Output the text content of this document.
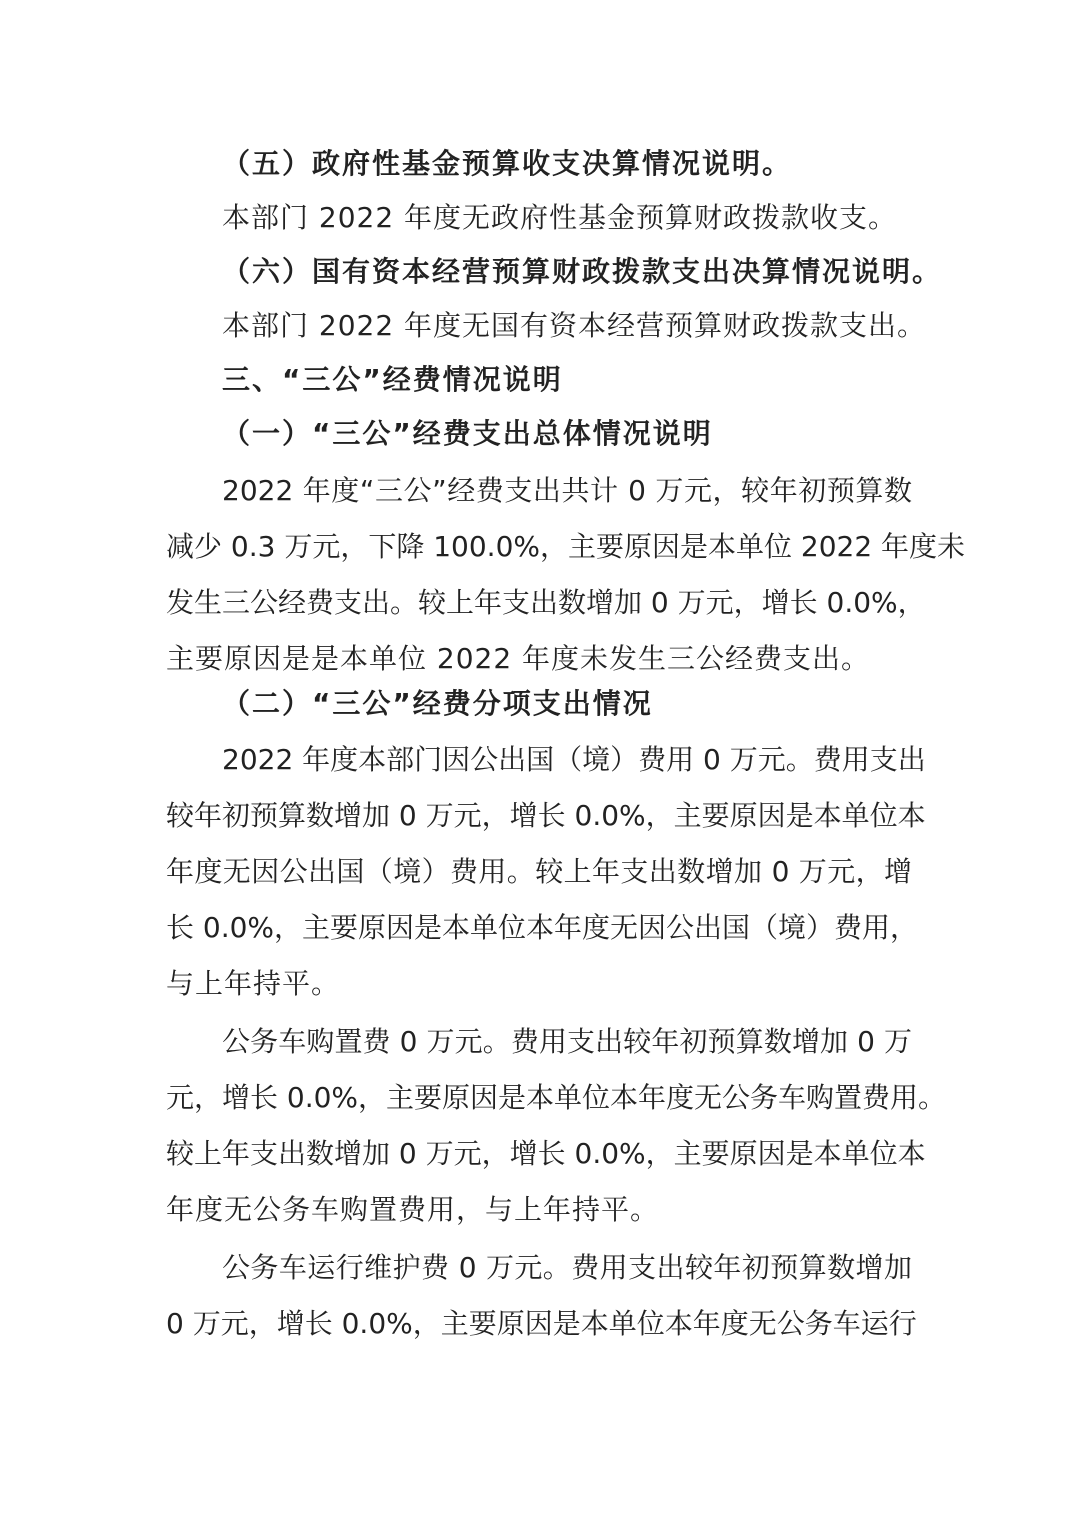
（五）政府性基金预算收支决算情况说明。

本部门 2022 年度无政府性基金预算财政拨款收支。

（六）国有资本经营预算财政拨款支出决算情况说明。

本部门 2022 年度无国有资本经营预算财政拨款支出。

三、“三公”经费情况说明

（一）“三公”经费支出总体情况说明

2022 年度“三公”经费支出共计 0 万元，较年初预算数

减少 0.3 万元，下降 100.0%，主要原因是本单位 2022 年度未

发生三公经费支出。较上年支出数增加 0 万元，增长 0.0%，

主要原因是是本单位 2022 年度未发生三公经费支出。

（二）“三公”经费分项支出情况

2022 年度本部门因公出国（境）费用 0 万元。费用支出

较年初预算数增加 0 万元，增长 0.0%，主要原因是本单位本

年度无因公出国（境）费用。较上年支出数增加 0 万元，增

长 0.0%，主要原因是本单位本年度无因公出国（境）费用，

与上年持平。

公务车购置费 0 万元。费用支出较年初预算数增加 0 万

元，增长 0.0%，主要原因是本单位本年度无公务车购置费用。

较上年支出数增加 0 万元，增长 0.0%，主要原因是本单位本

年度无公务车购置费用，与上年持平。

公务车运行维护费 0 万元。费用支出较年初预算数增加

0 万元，增长 0.0%，主要原因是本单位本年度无公务车运行
